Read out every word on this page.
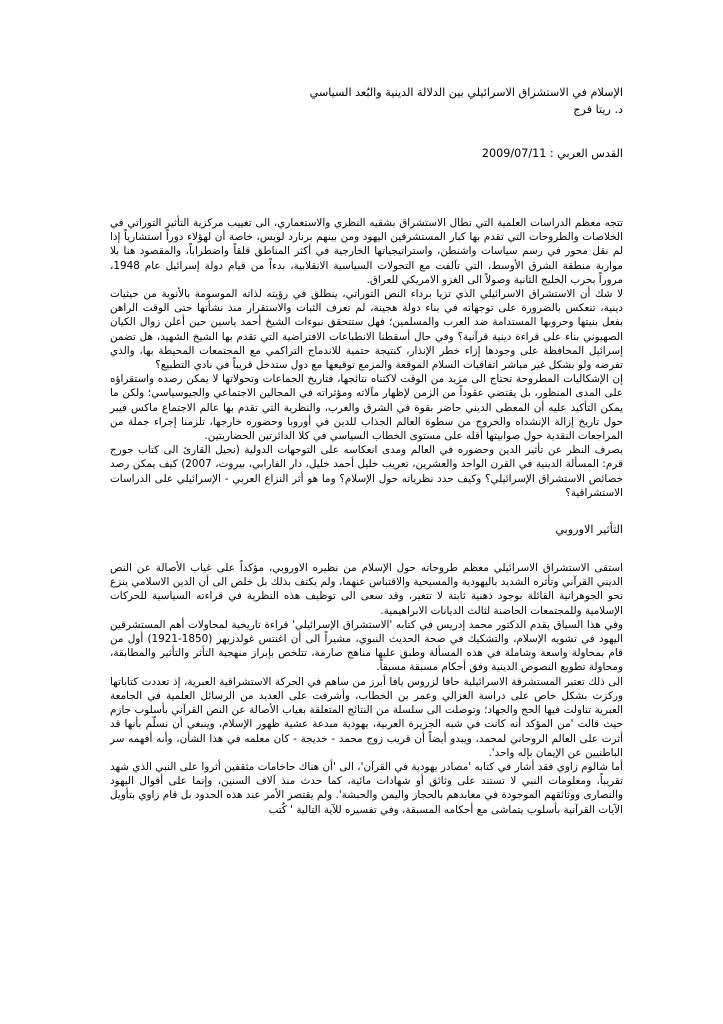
الإسلام في الاستشراق الاسرائيلي بين الدلالة الدينية والبُعد السياسي

د. ريتا فرج

القدس العربي : 2009/07/11

تتجه معظم الدراسات العلمية التي تطال الاستشراق بشقيه النظري والاستعماري، الى تغييب مركزية التأثير التوراتي في الخلاصات والطروحات التي تقدم بها كبار المستشرقين اليهود ومن بينهم برنارد لويس، خاصة أن لهؤلاء دوراً استشارياً إذا لم نقل محور في رسم سياسات واشنطن، واستراتيجياتها الخارجية في أكثر المناطق قلقاً واضطراباً، والمقصود هنا بلا مواربة منطقة الشرق الأوسط، التي تآلفت مع التحولات السياسية الانقلابية، بدءاً من قيام دولة إسرائيل عام 1948، مروراً بحرب الخليج الثانية وصولاً الى الغزو الامريكي للعراق.

لا شك أن الاستشراق الاسرائيلي الذي تزيا برداء النص التوراتي، ينطلق في رؤيته لذاته الموسومة بالأنوية من حيثيات دينية، تنعكس بالضرورة على توجهاته في بناء دولة هجينة، لم تعرف الثبات والاستقرار منذ نشأتها حتى الوقت الراهن بفعل بنيتها وحروبها المستدامة ضد العرب والمسلمين؛ فهل ستتحقق نبوءات الشيخ أحمد ياسين حين أعلن زوال الكيان الصهيوني بناء على قراءة دينية قرآنية؟ وفي حال أسقطنا الانطباعات الافتراضية التي تقدم بها الشيخ الشهيد، هل تضمن إسرائيل المحافظة على وجودها إزاء خطر الإنذار، كنتيجة حتمية للاندماج التراكمي مع المجتمعات المحيطة بها، والذي تفرضه ولو بشكل غير مباشر اتفاقيات السلام الموقعة والمزمع توقيعها مع دول ستدخل قريباً في نادي التطبيع؟

إن الإشكاليات المطروحة تحتاج الى مزيد من الوقت لاكتناه نتائجها، فتاريخ الجماعات وتحولاتها لا يمكن رصده واستقراؤه على المدى المنظور، بل يقتضي عقوداً من الزمن لإظهار مآلاته ومؤثراته في المجالين الاجتماعي والجيوسياسي؛ ولكن ما يمكن التأكيد عليه أن المعطى الديني حاضر بقوة في الشرق والغرب، والنظرية التي تقدم بها عالم الاجتماع ماكس فيبر حول تاريخ إزالة الإنشداه والخروج من سطوة العالم الجذاب للدين في أوروبا وحضوره خارجها، تلزمنا إجراء جملة من المراجعات النقدية حول صوابيتها أقله على مستوى الخطاب السياسي في كلا الدائرتين الحضاريتين.

بصرف النظر عن تأثير الدين وحضوره في العالم ومدى انعكاسه على التوجهات الدولية (نحيل القارئ الى كتاب جورج قرم: المسألة الدينية في القرن الواحد والعشرين، تعريب خليل أحمد خليل، دار الفارابي، بيروت، 2007) كيف يمكن رصد خصائص الاستشراق الإسرائيلي؟ وكيف حدد نظرياته حول الإسلام؟ وما هو أثر النزاع العربي - الإسرائيلي على الدراسات الاستشراقية؟

التأثير الاوروبي

استقى الاستشراق الاسرائيلي معظم طروحاته حول الإسلام من نظيره الاوروبي، مؤكداً على غياب الأصالة عن النص الديني القرآني وتأثره الشديد باليهودية والمسيحية والاقتباس عنهما، ولم يكتف بذلك بل خلص الى أن الدين الاسلامي ينزع نحو الجوهرانية القائلة بوجود ذهنية ثابتة لا تتغير، وقد سعى الى توظيف هذه النظرية في قراءته السياسية للحركات الإسلامية وللمجتمعات الحاضنة لثالث الديانات الابراهيمية.

وفي هذا السياق يقدم الدكتور محمد إدريس في كتابه 'الاستشراق الإسرائيلي' قراءة تاريخية لمحاولات أهم المستشرقين اليهود في تشويه الإسلام، والتشكيك في صحة الحديث النبوي، مشيراً الى أن اغنتس غولدزيهر (1850-1921) أول من قام بمحاولة واسعة وشاملة في هذه المسألة وطبق عليها مناهج صارمة، تتلخص بإبراز منهجية التأثر والتأثير والمطابقة، ومحاولة تطويع النصوص الدينية وفق أحكام مسبقة مسبقاً.

الى ذلك تعتبر المستشرقة الاسرائيلية حافا لزروس يافا أبرز من ساهم في الحركة الاستشراقية العبرية، إذ تعددت كتاباتها وركزت بشكل خاص على دراسة الغزالي وعمر بن الخطاب، وأشرفت على العديد من الرسائل العلمية في الجامعة العبرية تناولت فيها الحج والجهاد؛ وتوصلت الى سلسلة من النتائج المتعلقة بغياب الأصالة عن النص القرآني بأسلوب جازم حيث قالت 'من المؤكد أنه كانت في شبه الجزيرة العربية، يهودية مبدعة عشية ظهور الإسلام، وينبغي أن نسلّم بأنها قد أثرت على العالم الروحاني لمحمد، ويبدو أيضاً أن قريب زوج محمد - خديجة - كان معلمه في هذا الشأن، وأنه أفهمه سر الباطنيين عن الإيمان بإله واحد'.

أما شالوم زاوي فقد أشار في كتابه 'مصادر يهودية في القرآن'، الى 'أن هناك حاخامات مثقفين أثروا على النبي الذي شهد تقريباً، ومعلومات النبي لا تستند على وثائق أو شهادات مائية، كما حدث منذ آلاف السنين، وإنما على أقوال اليهود والنصارى ووثائقهم الموجودة في معابدهم بالحجاز واليمن والحبشة'. ولم يقتصر الأمر عند هذه الحدود بل قام زاوي بتأويل الآيات القرآنية بأسلوب يتماشى مع أحكامه المسبقة، وفي تفسيره للآية التالية ' كُتب
